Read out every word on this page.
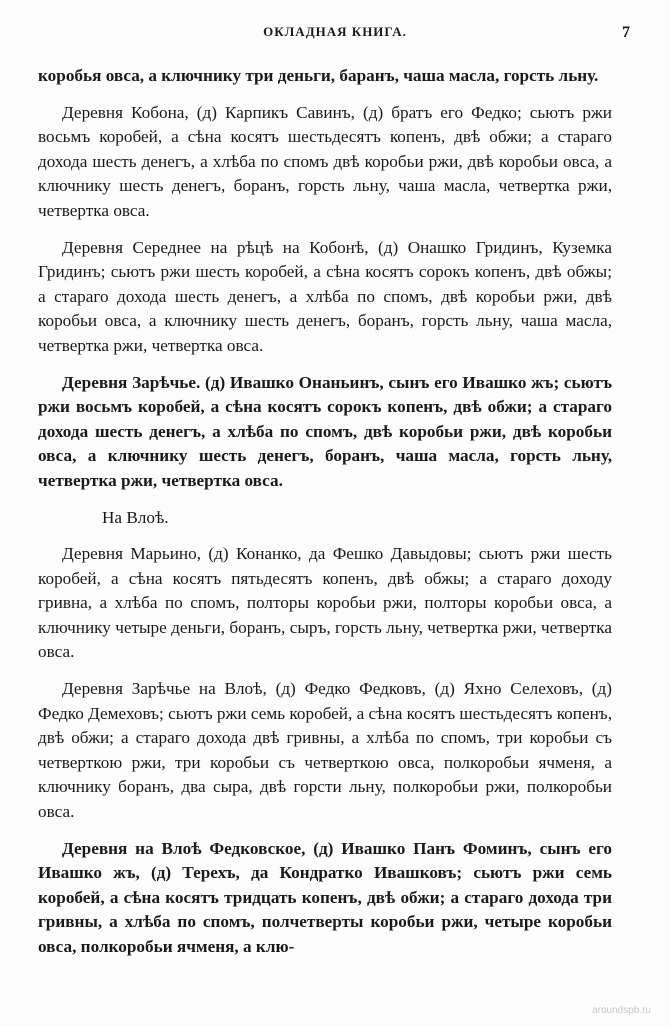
ОКЛАДНАЯ КНИГА.	7

коробья овса, а ключнику три деньги, баранъ, чаша масла, горсть льну.

Деревня Кобона, (д) Карпикъ Савинъ, (д) братъ его Федко; сьютъ ржи восьмъ коробей, а сѣна косятъ шестьдесятъ копенъ, двѣ обжи; а стараго дохода шесть денегъ, а хлѣба по спомъ двѣ коробьи ржи, двѣ коробьи овса, а ключнику шесть денегъ, боранъ, горсть льну, чаша масла, четвертка ржи, четвертка овса.

Деревня Середнее на рѣцѣ на Кобонѣ, (д) Онашко Гридинъ, Куземка Гридинъ; сьютъ ржи шесть коробей, а сѣна косятъ сорокъ копенъ, двѣ обжы; а стараго дохода шесть денегъ, а хлѣба по спомъ, двѣ коробьи ржи, двѣ коробьи овса, а ключнику шесть денегъ, боранъ, горсть льну, чаша масла, четвертка ржи, четвертка овса.

Деревня Зарѣчье. (д) Ивашко Онаньинъ, сынъ его Ивашко жъ; сьютъ ржи восьмъ коробей, а сѣна косятъ сорокъ копенъ, двѣ обжи; а стараго дохода шесть денегъ, а хлѣба по спомъ, двѣ коробьи ржи, двѣ коробьи овса, а ключнику шесть денегъ, боранъ, чаша масла, горсть льну, четвертка ржи, четвертка овса.

На Влоѣ.

Деревня Марьино, (д) Конанко, да Фешко Давыдовы; сьютъ ржи шесть коробей, а сѣна косятъ пятьдесятъ копенъ, двѣ обжы; а стараго доходу гривна, а хлѣба по спомъ, полторы коробьи ржи, полторы коробьи овса, а ключнику четыре деньги, боранъ, сыръ, горсть льну, четвертка ржи, четвертка овса.

Деревня Зарѣчье на Влоѣ, (д) Федко Федковъ, (д) Яхно Селеховъ, (д) Федко Демеховъ; сьютъ ржи семь коробей, а сѣна косятъ шестьдесятъ копенъ, двѣ обжи; а стараго дохода двѣ гривны, а хлѣба по спомъ, три коробьи съ четверткою ржи, три коробьи съ четверткою овса, полкоробьи ячменя, а ключнику боранъ, два сыра, двѣ горсти льну, полкоробьи ржи, полкоробьи овса.

Деревня на Влоѣ Федковское, (д) Ивашко Панъ Фоминъ, сынъ его Ивашко жъ, (д) Терехъ, да Кондратко Ивашковъ; сьютъ ржи семь коробей, а сѣна косятъ тридцать копенъ, двѣ обжи; а стараго дохода три гривны, а хлѣба по спомъ, полчетверты коробьи ржи, четыре коробьи овса, полкоробьи ячменя, а клю-

aroundspb.ru
